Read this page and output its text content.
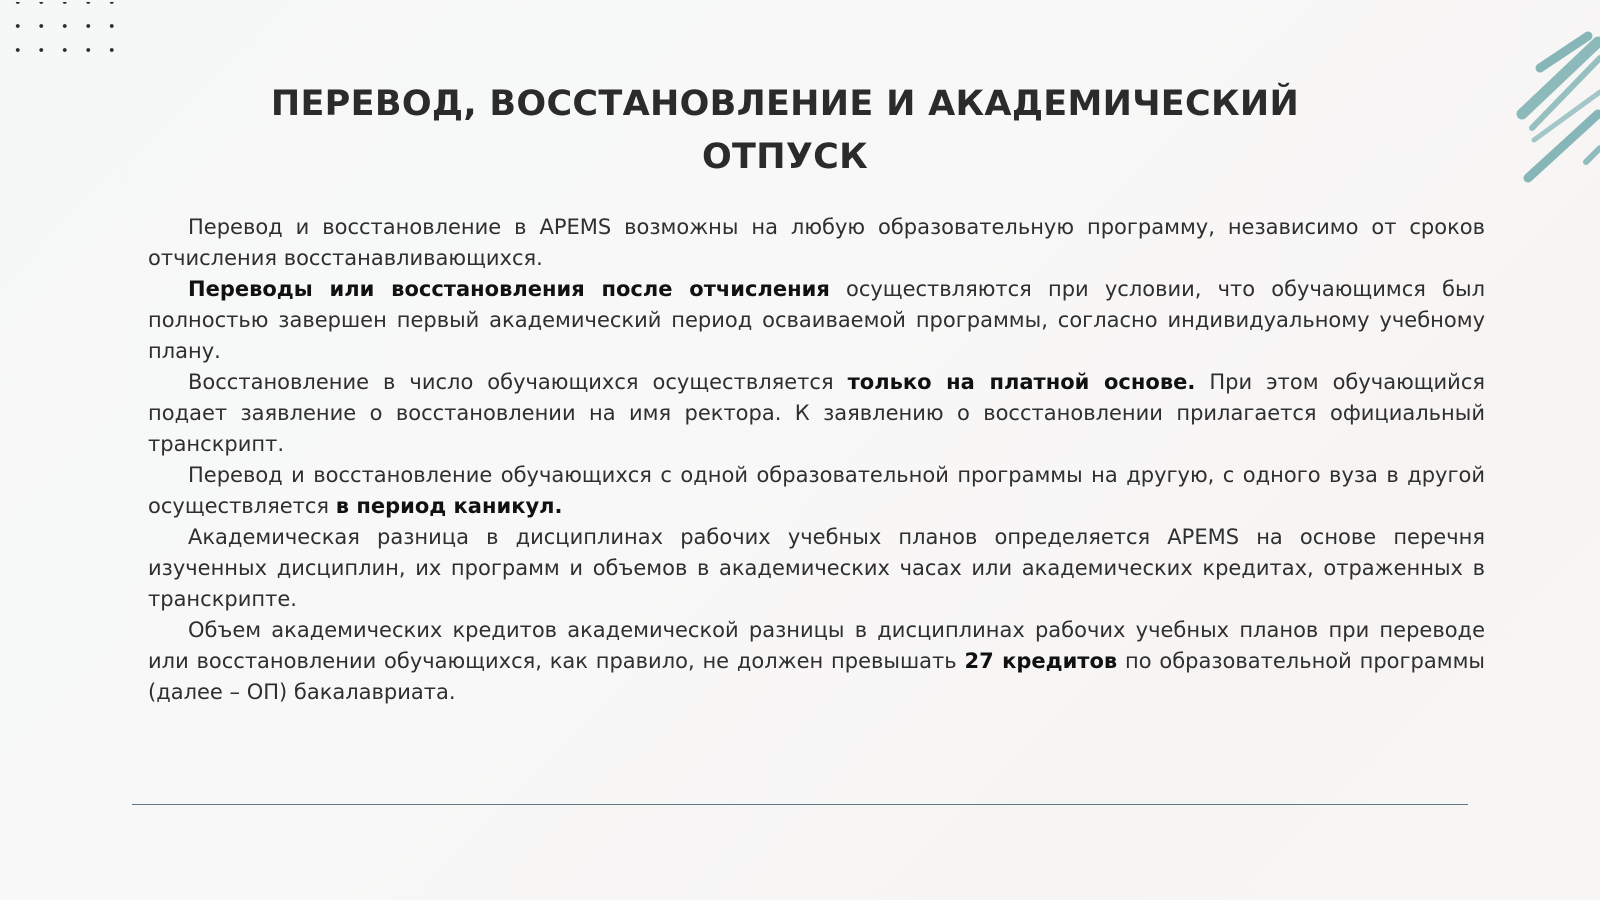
ПЕРЕВОД, ВОССТАНОВЛЕНИЕ И АКАДЕМИЧЕСКИЙ
ОТПУСК

Перевод и восстановление в APEMS возможны на любую образовательную программу, независимо от сроков отчисления восстанавливающихся.

Переводы или восстановления после отчисления осуществляются при условии, что обучающимся был полностью завершен первый академический период осваиваемой программы, согласно индивидуальному учебному плану.

Восстановление в число обучающихся осуществляется только на платной основе. При этом обучающийся подает заявление о восстановлении на имя ректора. К заявлению о восстановлении прилагается официальный транскрипт.

Перевод и восстановление обучающихся с одной образовательной программы на другую, с одного вуза в другой осуществляется в период каникул.

Академическая разница в дисциплинах рабочих учебных планов определяется APEMS на основе перечня изученных дисциплин, их программ и объемов в академических часах или академических кредитах, отраженных в транскрипте.

Объем академических кредитов академической разницы в дисциплинах рабочих учебных планов при переводе или восстановлении обучающихся, как правило, не должен превышать 27 кредитов по образовательной программы (далее – ОП) бакалавриата.
